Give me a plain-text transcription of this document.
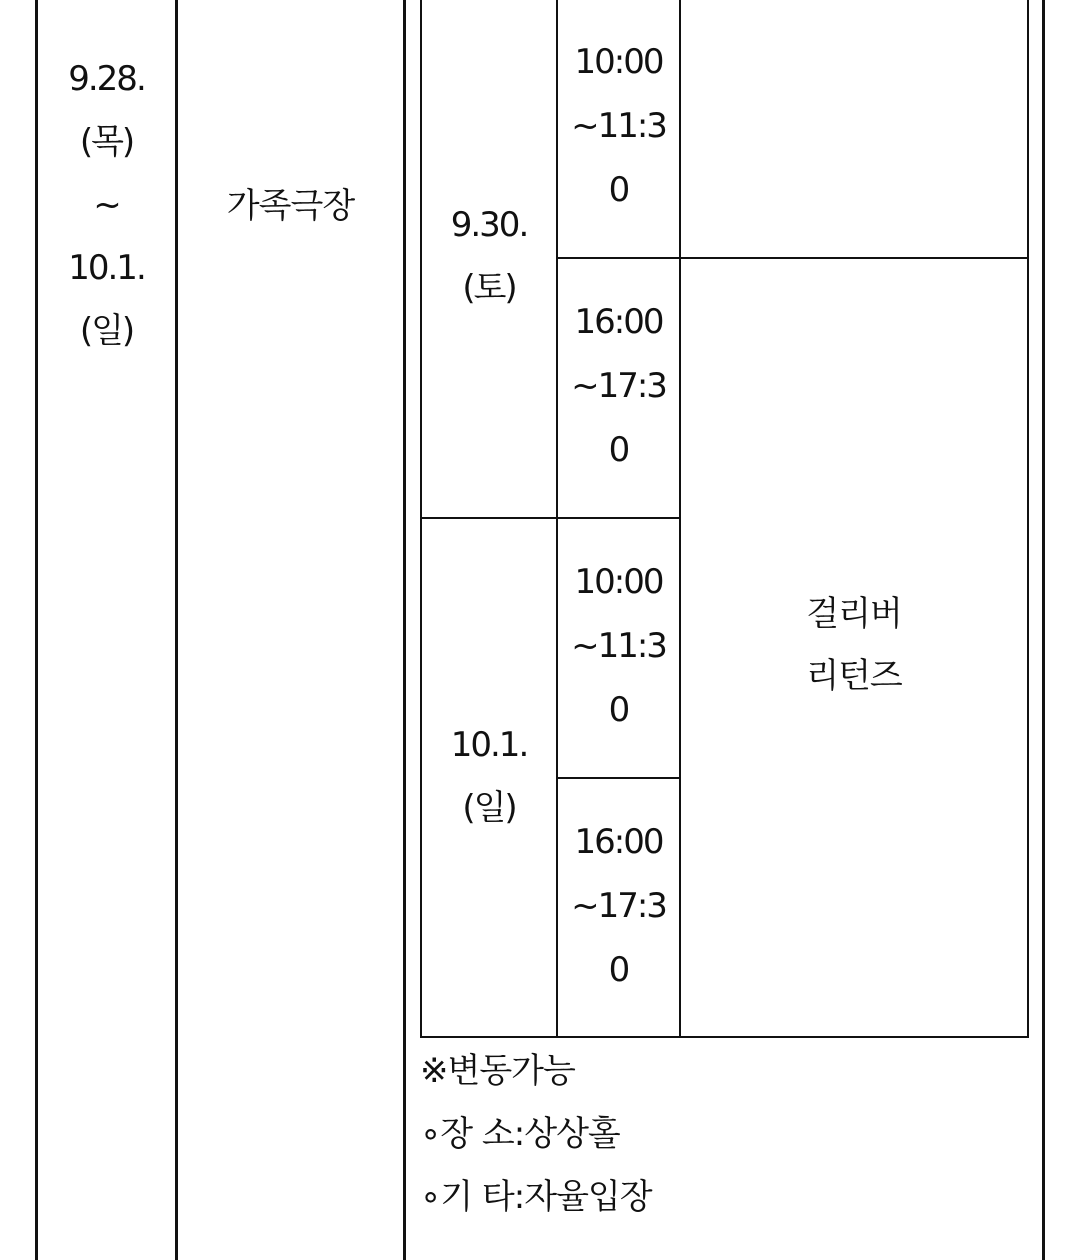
9.28.
(목)
~
10.1.
(일)
가족극장	9.30.
(토)
10.1.
(일)
10:00
~11:3
0
16:00
~17:3
0
10:00
~11:3
0
16:00
~17:3
0
걸리버
리턴즈
※변동가능
∘장 소:상상홀
∘기 타:자율입장
